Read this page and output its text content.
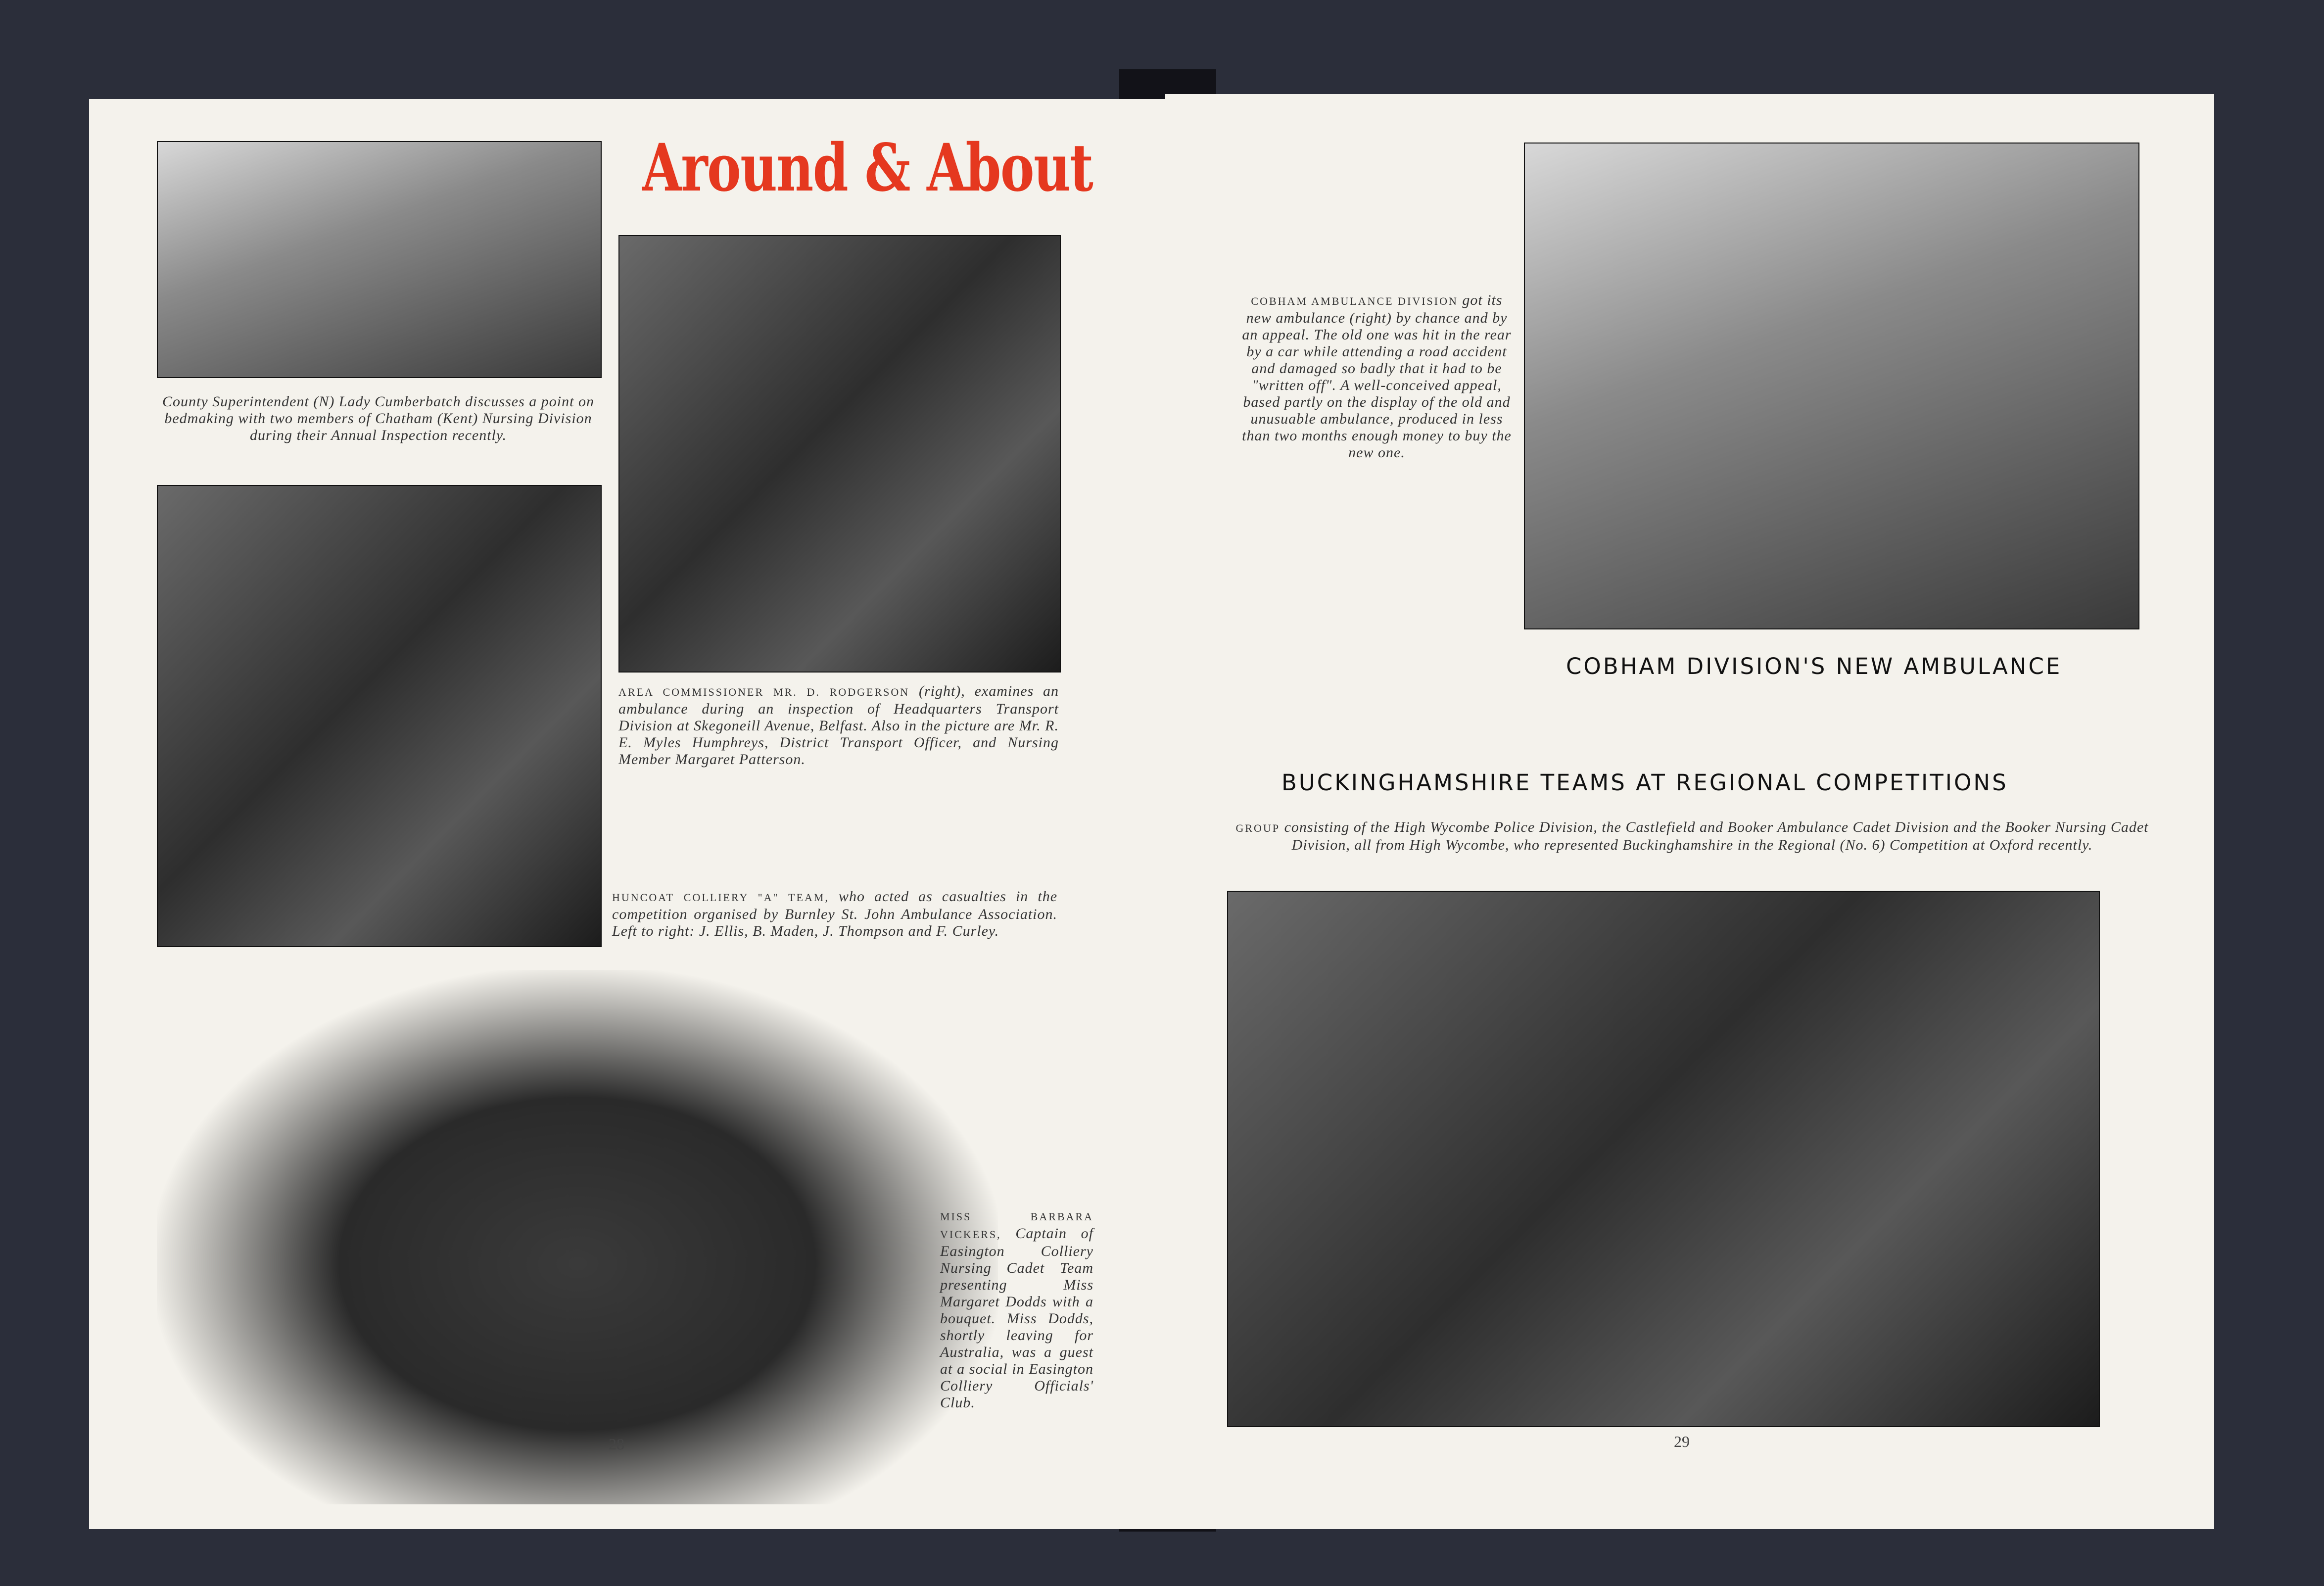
County Superintendent (N) Lady Cumberbatch discusses a point on bedmaking with two members of Chatham (Kent) Nursing Division during their Annual Inspection recently.
Around & About
AREA COMMISSIONER MR. D. RODGERSON (right), examines an ambulance during an inspection of Headquarters Transport Division at Skegoneill Avenue, Belfast. Also in the picture are Mr. R. E. Myles Humphreys, District Transport Officer, and Nursing Member Margaret Patterson.
HUNCOAT COLLIERY "A" TEAM, who acted as casualties in the competition organised by Burnley St. John Ambulance Association. Left to right: J. Ellis, B. Maden, J. Thompson and F. Curley.
MISS BARBARA VICKERS, Captain of Easington Colliery Nursing Cadet Team presenting Miss Margaret Dodds with a bouquet. Miss Dodds, shortly leaving for Australia, was a guest at a social in Easington Colliery Officials' Club.
28
COBHAM AMBULANCE DIVISION got its new ambulance (right) by chance and by an appeal. The old one was hit in the rear by a car while attending a road accident and damaged so badly that it had to be "written off". A well-conceived appeal, based partly on the display of the old and unusuable ambulance, produced in less than two months enough money to buy the new one.
COBHAM DIVISION'S NEW AMBULANCE
BUCKINGHAMSHIRE TEAMS AT REGIONAL COMPETITIONS
GROUP consisting of the High Wycombe Police Division, the Castlefield and Booker Ambulance Cadet Division and the Booker Nursing Cadet Division, all from High Wycombe, who represented Buckinghamshire in the Regional (No. 6) Competition at Oxford recently.
29
